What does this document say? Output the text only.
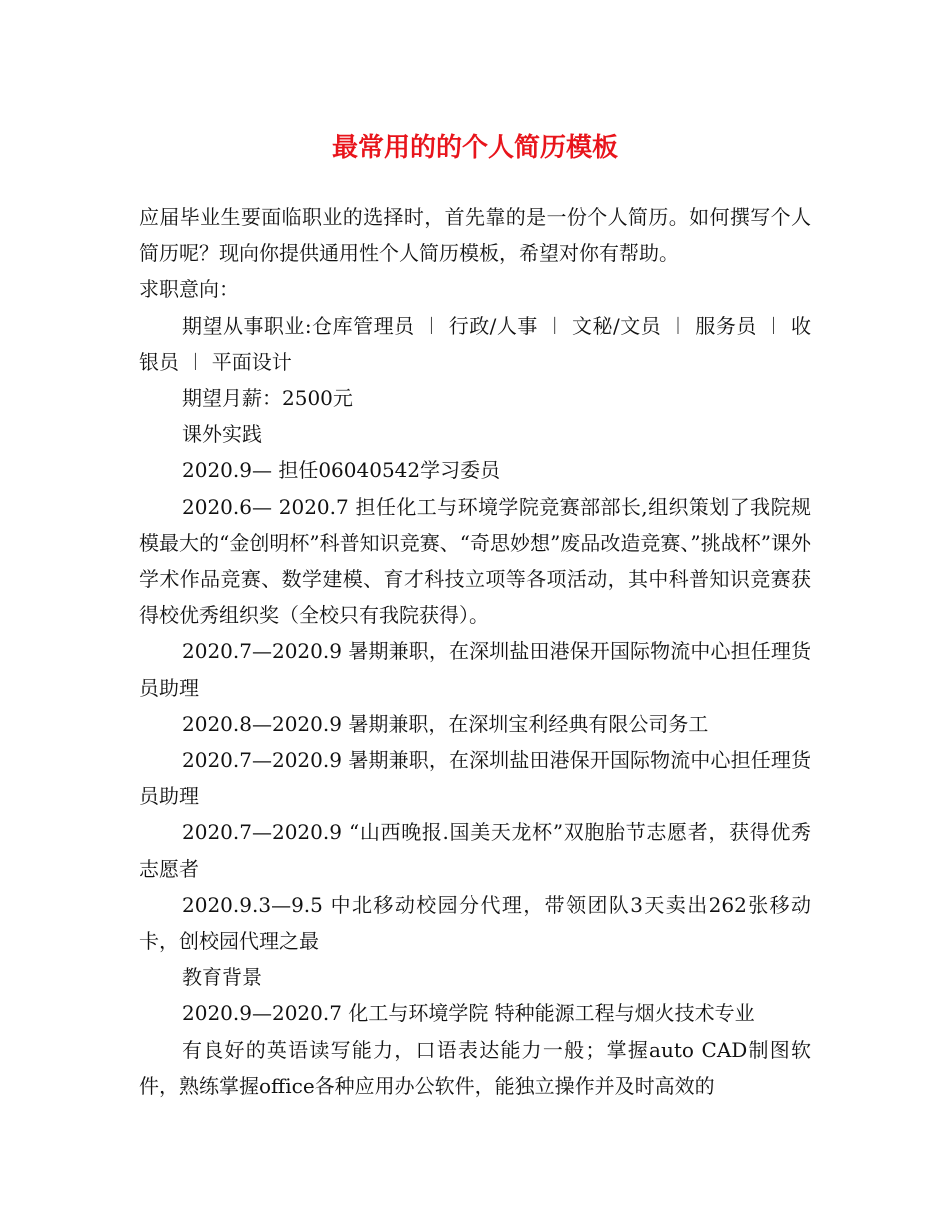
最常用的的个人简历模板

应届毕业生要面临职业的选择时，首先靠的是一份个人简历。如何撰写个人简历呢？现向你提供通用性个人简历模板，希望对你有帮助。

求职意向：

期望从事职业:仓库管理员 ︱ 行政/人事 ︱ 文秘/文员 ︱ 服务员 ︱ 收银员 ︱ 平面设计

期望月薪：2500元

课外实践

2020.9— 担任06040542学习委员

2020.6— 2020.7 担任化工与环境学院竞赛部部长,组织策划了我院规模最大的“金创明杯”科普知识竞赛、“奇思妙想”废品改造竞赛、”挑战杯”课外学术作品竞赛、数学建模、育才科技立项等各项活动，其中科普知识竞赛获得校优秀组织奖（全校只有我院获得）。

2020.7—2020.9 暑期兼职，在深圳盐田港保开国际物流中心担任理货员助理

2020.8—2020.9 暑期兼职，在深圳宝利经典有限公司务工

2020.7—2020.9 暑期兼职，在深圳盐田港保开国际物流中心担任理货员助理

2020.7—2020.9 “山西晚报.国美天龙杯”双胞胎节志愿者，获得优秀志愿者

2020.9.3—9.5 中北移动校园分代理，带领团队3天卖出262张移动卡，创校园代理之最

教育背景

2020.9—2020.7 化工与环境学院 特种能源工程与烟火技术专业

有良好的英语读写能力，口语表达能力一般；掌握auto CAD制图软件，熟练掌握office各种应用办公软件，能独立操作并及时高效的
